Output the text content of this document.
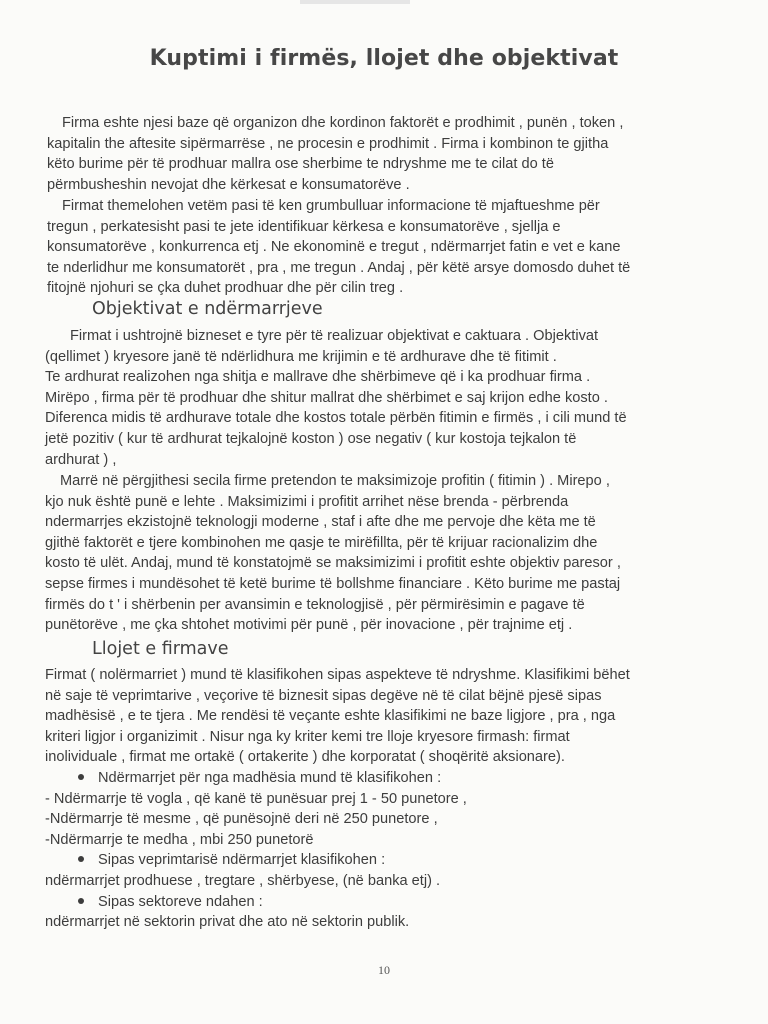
Kuptimi i firmës, llojet dhe objektivat
Firma eshte njesi baze që organizon dhe kordinon faktorët e prodhimit , punën , token ,
kapitalin the aftesite sipërmarrëse , ne procesin e prodhimit . Firma i kombinon te gjitha
këto burime për të prodhuar mallra ose sherbime te ndryshme me te cilat do të
përmbusheshin nevojat dhe kërkesat e konsumatorëve .
Firmat themelohen vetëm pasi të ken grumbulluar informacione të mjaftueshme për
tregun , perkatesisht pasi te jete identifikuar kërkesa e konsumatorëve , sjellja e
konsumatorëve , konkurrenca etj . Ne ekonominë e tregut , ndërmarrjet fatin e vet e kane
te nderlidhur me konsumatorët , pra , me tregun . Andaj , për këtë arsye domosdo duhet të
fitojnë njohuri se çka duhet prodhuar dhe për cilin treg .
Objektivat e ndërmarrjeve
Firmat i ushtrojnë bizneset e tyre për të realizuar objektivat e caktuara . Objektivat
(qellimet ) kryesore janë të ndërlidhura me krijimin e të ardhurave dhe të fitimit .
Te ardhurat realizohen nga shitja e mallrave dhe shërbimeve që i ka prodhuar firma .
Mirëpo , firma për të prodhuar dhe shitur mallrat dhe shërbimet e saj krijon edhe kosto .
Diferenca midis të ardhurave totale dhe kostos totale përbën fitimin e firmës , i cili mund të
jetë pozitiv ( kur të ardhurat tejkalojnë koston ) ose negativ ( kur kostoja tejkalon të
ardhurat ) ,
Marrë në përgjithesi secila firme pretendon te maksimizoje profitin ( fitimin ) . Mirepo ,
kjo nuk është punë e lehte . Maksimizimi i profitit arrihet nëse brenda - përbrenda
ndermarrjes ekzistojnë teknologji moderne , staf i afte dhe me pervoje dhe këta me të
gjithë faktorët e tjere kombinohen me qasje te mirëfillta, për të krijuar racionalizim dhe
kosto të ulët. Andaj, mund të konstatojmë se maksimizimi i profitit eshte objektiv paresor ,
sepse firmes i mundësohet të ketë burime të bollshme financiare . Këto burime me pastaj
firmës do t ' i shërbenin per avansimin e teknologjisë , për përmirësimin e pagave të
punëtorëve , me çka shtohet motivimi për punë , për inovacione , për trajnime etj .
Llojet e firmave
Firmat ( nolërmarriet ) mund të klasifikohen sipas aspekteve të ndryshme. Klasifikimi bëhet
në saje të veprimtarive , veçorive të biznesit sipas degëve në të cilat bëjnë pjesë sipas
madhësisë , e te tjera . Me rendësi të veçante eshte klasifikimi ne baze ligjore , pra , nga
kriteri ligjor i organizimit . Nisur nga ky kriter kemi tre lloje kryesore firmash: firmat
inolividuale , firmat me ortakë ( ortakerite ) dhe korporatat ( shoqëritë aksionare).
Ndërmarrjet për nga madhësia mund të klasifikohen :
- Ndërmarrje të vogla , që kanë të punësuar prej 1 - 50 punetore ,
-Ndërmarrje të mesme , që punësojnë deri në 250 punetore ,
-Ndërmarrje te medha , mbi 250 punetorë
Sipas veprimtarisë ndërmarrjet klasifikohen :
ndërmarrjet prodhuese , tregtare , shërbyese, (në banka etj) .
Sipas sektoreve ndahen :
ndërmarrjet në sektorin privat dhe ato në sektorin publik.
10
